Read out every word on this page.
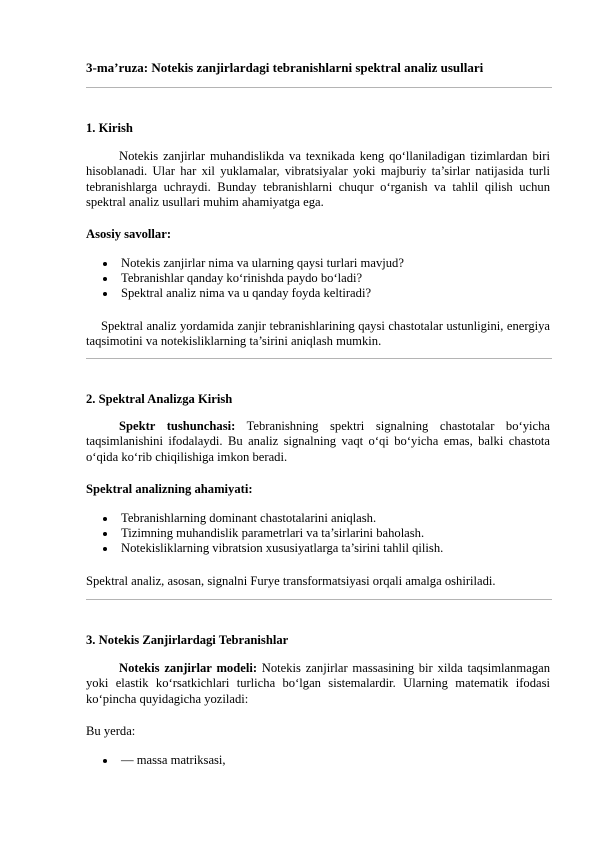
3-ma’ruza: Notekis zanjirlardagi tebranishlarni spektral analiz usullari
1. Kirish
Notekis zanjirlar muhandislikda va texnikada keng qo‘llaniladigan tizimlardan biri hisoblanadi. Ular har xil yuklamalar, vibratsiyalar yoki majburiy ta’sirlar natijasida turli tebranishlarga uchraydi. Bunday tebranishlarni chuqur o‘rganish va tahlil qilish uchun spektral analiz usullari muhim ahamiyatga ega.
Asosiy savollar:
Notekis zanjirlar nima va ularning qaysi turlari mavjud?
Tebranishlar qanday ko‘rinishda paydo bo‘ladi?
Spektral analiz nima va u qanday foyda keltiradi?
Spektral analiz yordamida zanjir tebranishlarining qaysi chastotalar ustunligini, energiya taqsimotini va notekisliklarning ta’sirini aniqlash mumkin.
2. Spektral Analizga Kirish
Spektr tushunchasi: Tebranishning spektri signalning chastotalar bo‘yicha taqsimlanishini ifodalaydi. Bu analiz signalning vaqt o‘qi bo‘yicha emas, balki chastota o‘qida ko‘rib chiqilishiga imkon beradi.
Spektral analizning ahamiyati:
Tebranishlarning dominant chastotalarini aniqlash.
Tizimning muhandislik parametrlari va ta’sirlarini baholash.
Notekisliklarning vibratsion xususiyatlarga ta’sirini tahlil qilish.
Spektral analiz, asosan, signalni Furye transformatsiyasi orqali amalga oshiriladi.
3. Notekis Zanjirlardagi Tebranishlar
Notekis zanjirlar modeli: Notekis zanjirlar massasining bir xilda taqsimlanmagan yoki elastik ko‘rsatkichlari turlicha bo‘lgan sistemalardir. Ularning matematik ifodasi ko‘pincha quyidagicha yoziladi:
Bu yerda:
— massa matriksasi,
